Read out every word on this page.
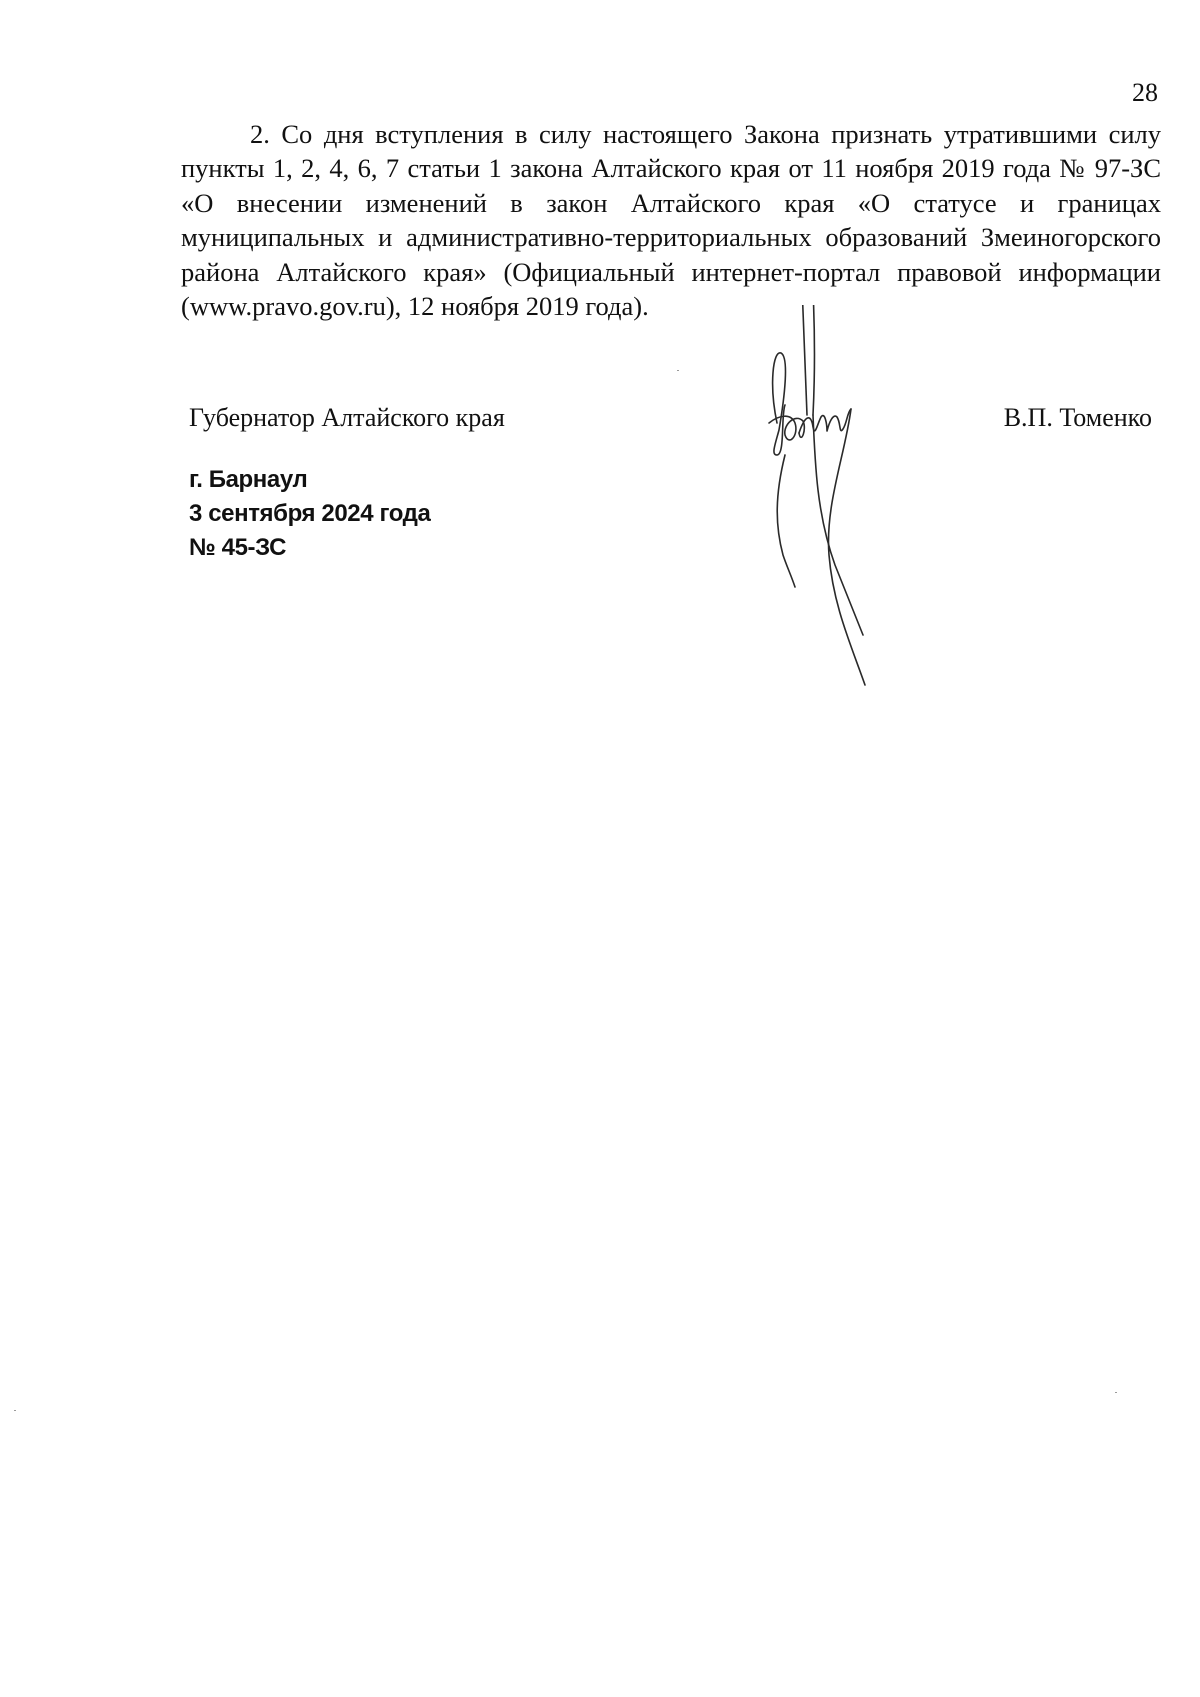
28

2. Со дня вступления в силу настоящего Закона признать утратившими силу пункты 1, 2, 4, 6, 7 статьи 1 закона Алтайского края от 11 ноября 2019 года № 97-ЗС «О внесении изменений в закон Алтайского края «О статусе и границах муниципальных и административно-территориальных образований Змеиногорского района Алтайского края» (Официальный интернет-портал правовой информации (www.pravo.gov.ru), 12 ноября 2019 года).

Губернатор Алтайского края	В.П. Томенко
г. Барнаул
3 сентября 2024 года
№ 45-ЗС
